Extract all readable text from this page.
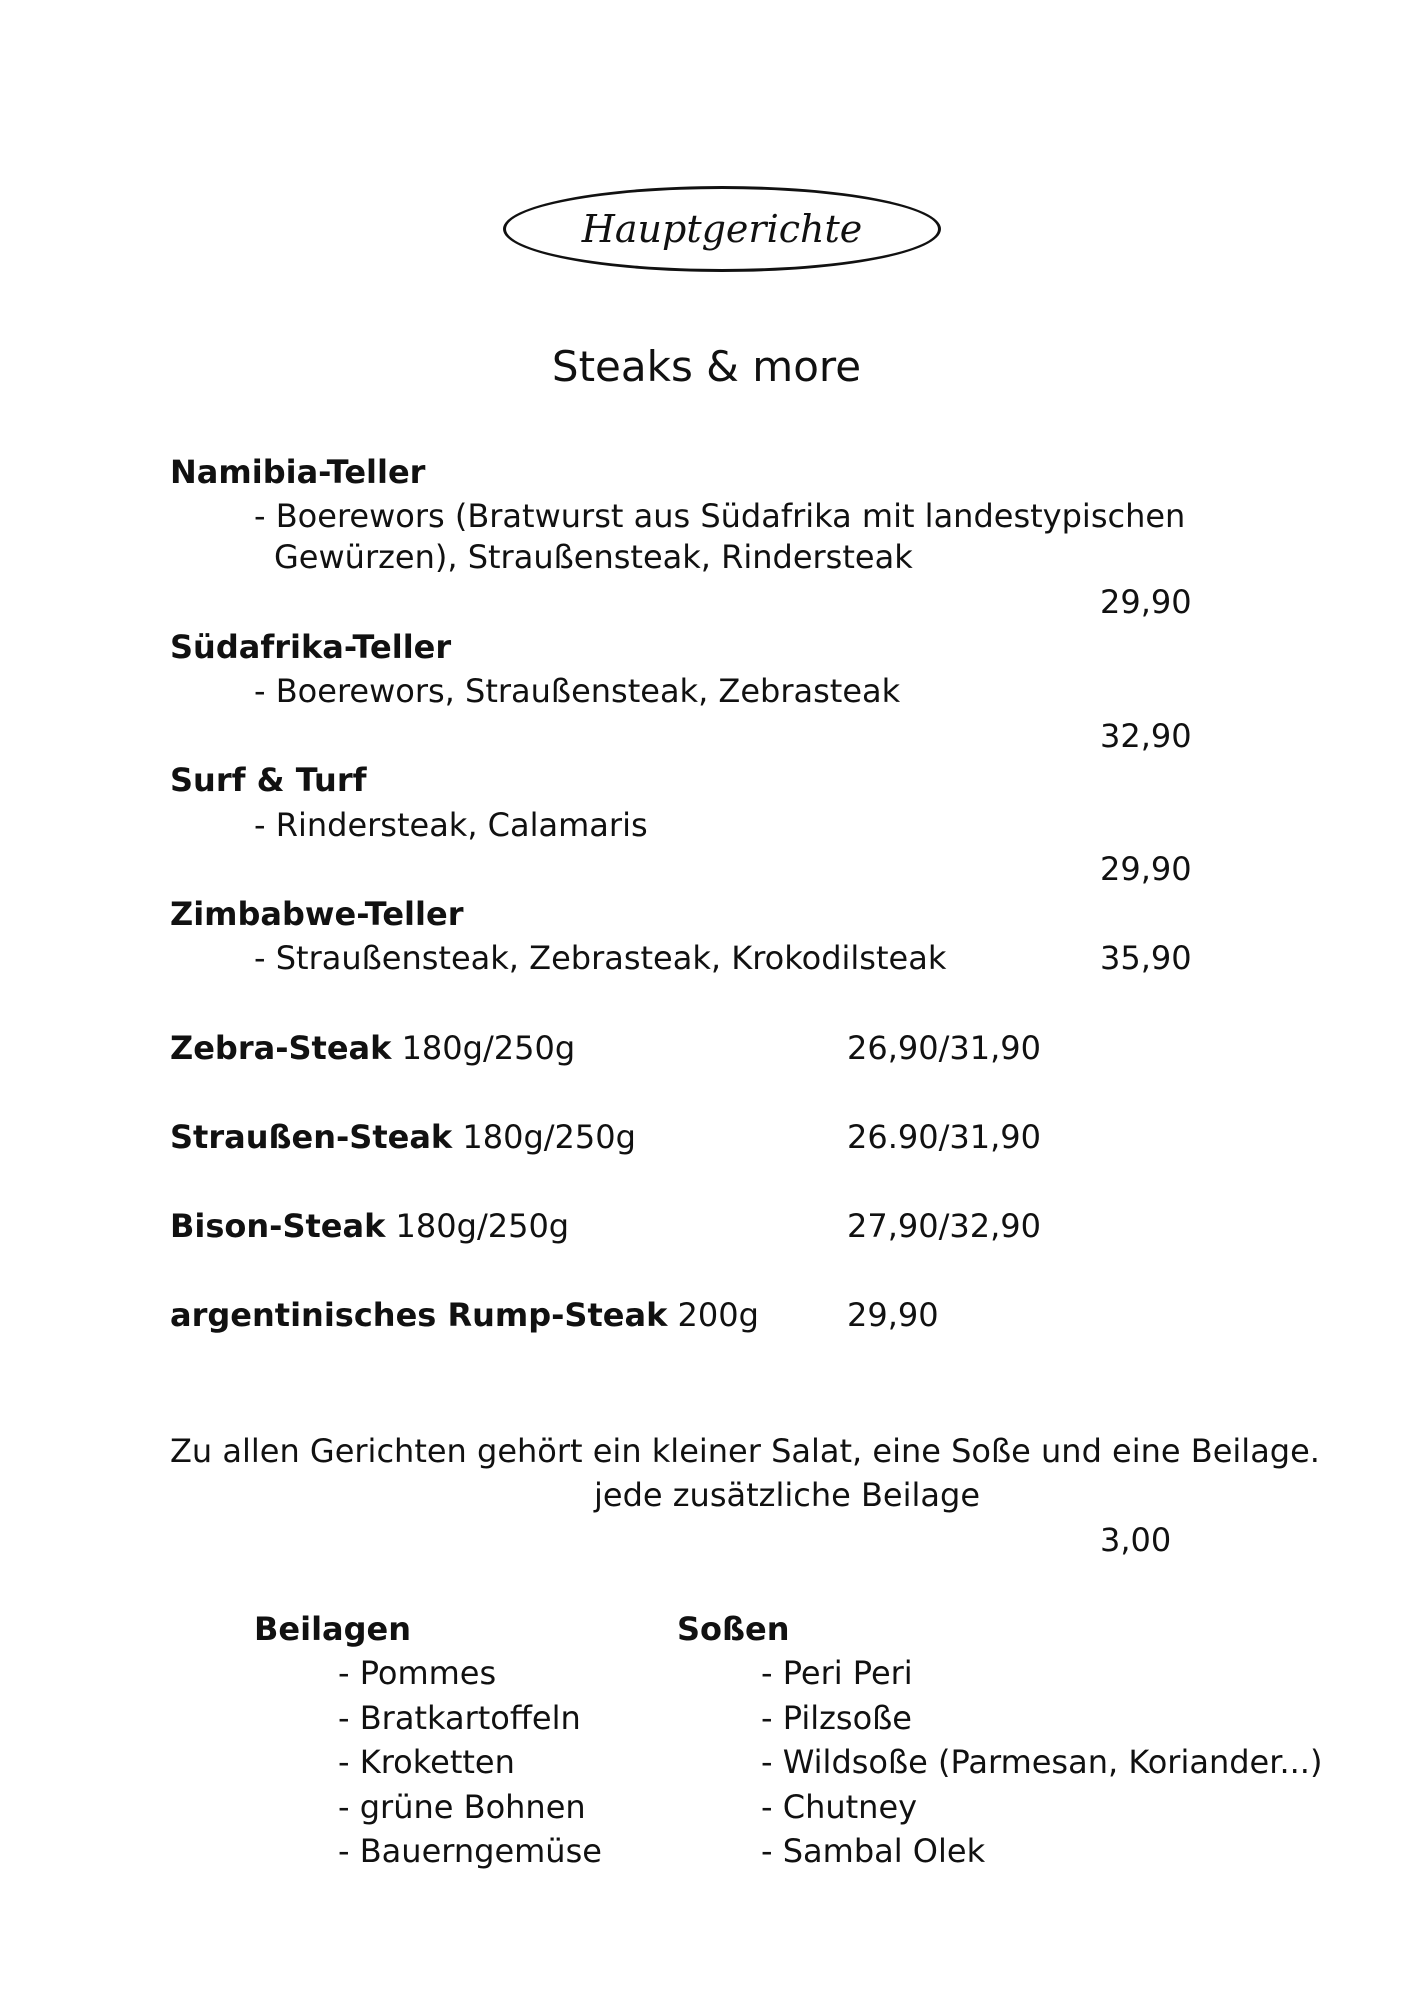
Hauptgerichte
Steaks & more
Namibia-Teller
- Boerewors (Bratwurst aus Südafrika mit landestypischen
Gewürzen), Straußensteak, Rindersteak
29,90
Südafrika-Teller
- Boerewors, Straußensteak, Zebrasteak
32,90
Surf & Turf
- Rindersteak, Calamaris
29,90
Zimbabwe-Teller
- Straußensteak, Zebrasteak, Krokodilsteak	35,90
Zebra-Steak 180g/250g	26,90/31,90
Straußen-Steak 180g/250g	26.90/31,90
Bison-Steak 180g/250g	27,90/32,90
argentinisches Rump-Steak 200g	29,90
Zu allen Gerichten gehört ein kleiner Salat, eine Soße und eine Beilage.
jede zusätzliche Beilage
3,00
Beilagen
- Pommes
- Bratkartoffeln
- Kroketten
- grüne Bohnen
- Bauerngemüse
Soßen
- Peri Peri
- Pilzsoße
- Wildsoße (Parmesan, Koriander...)
- Chutney
- Sambal Olek
